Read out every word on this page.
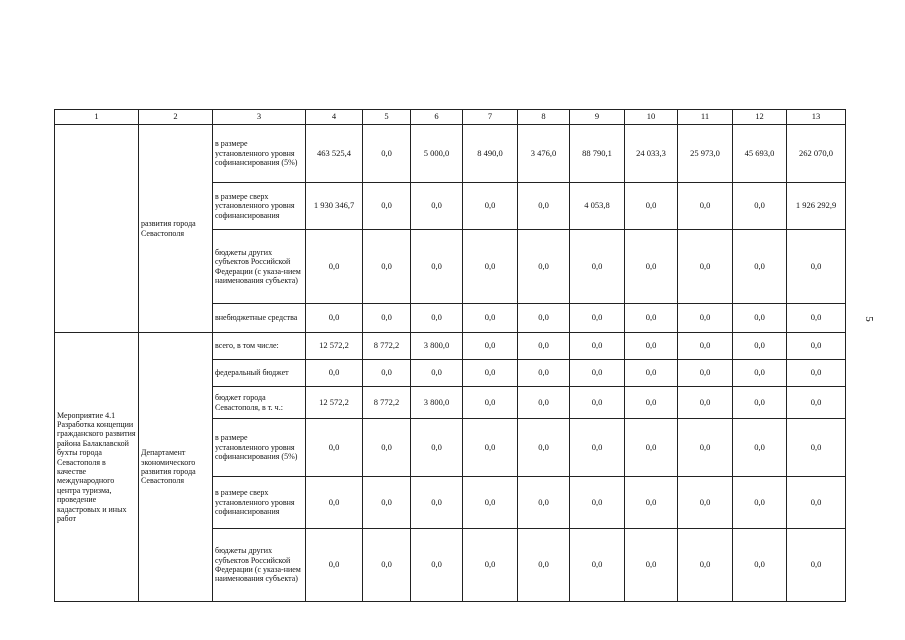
1	2	3	4	5	6	7	8	9	10	11	12	13
	развития города Севастополя	в размере установленного уровня софинансирования (5%)	463 525,4	0,0	5 000,0	8 490,0	3 476,0	88 790,1	24 033,3	25 973,0	45 693,0	262 070,0
		в размере сверх установленного уровня софинансирования	1 930 346,7	0,0	0,0	0,0	0,0	4 053,8	0,0	0,0	0,0	1 926 292,9
		бюджеты других субъектов Российской Федерации (с указа-нием наименования субъекта)	0,0	0,0	0,0	0,0	0,0	0,0	0,0	0,0	0,0	0,0
		внебюджетные средства	0,0	0,0	0,0	0,0	0,0	0,0	0,0	0,0	0,0	0,0
Мероприятие 4.1 Разработка концепции гражданского развития района Балаклавской бухты города Севастополя в качестве международного центра туризма, проведение кадастровых и иных работ	Департамент экономического развития города Севастополя	всего, в том числе:	12 572,2	8 772,2	3 800,0	0,0	0,0	0,0	0,0	0,0	0,0	0,0
		федеральный бюджет	0,0	0,0	0,0	0,0	0,0	0,0	0,0	0,0	0,0	0,0
		бюджет города Севастополя, в т. ч.:	12 572,2	8 772,2	3 800,0	0,0	0,0	0,0	0,0	0,0	0,0	0,0
		в размере установленного уровня софинансирования (5%)	0,0	0,0	0,0	0,0	0,0	0,0	0,0	0,0	0,0	0,0
		в размере сверх установленного уровня софинансирования	0,0	0,0	0,0	0,0	0,0	0,0	0,0	0,0	0,0	0,0
		бюджеты других субъектов Российской Федерации (с указа-нием наименования субъекта)	0,0	0,0	0,0	0,0	0,0	0,0	0,0	0,0	0,0	0,0
5
